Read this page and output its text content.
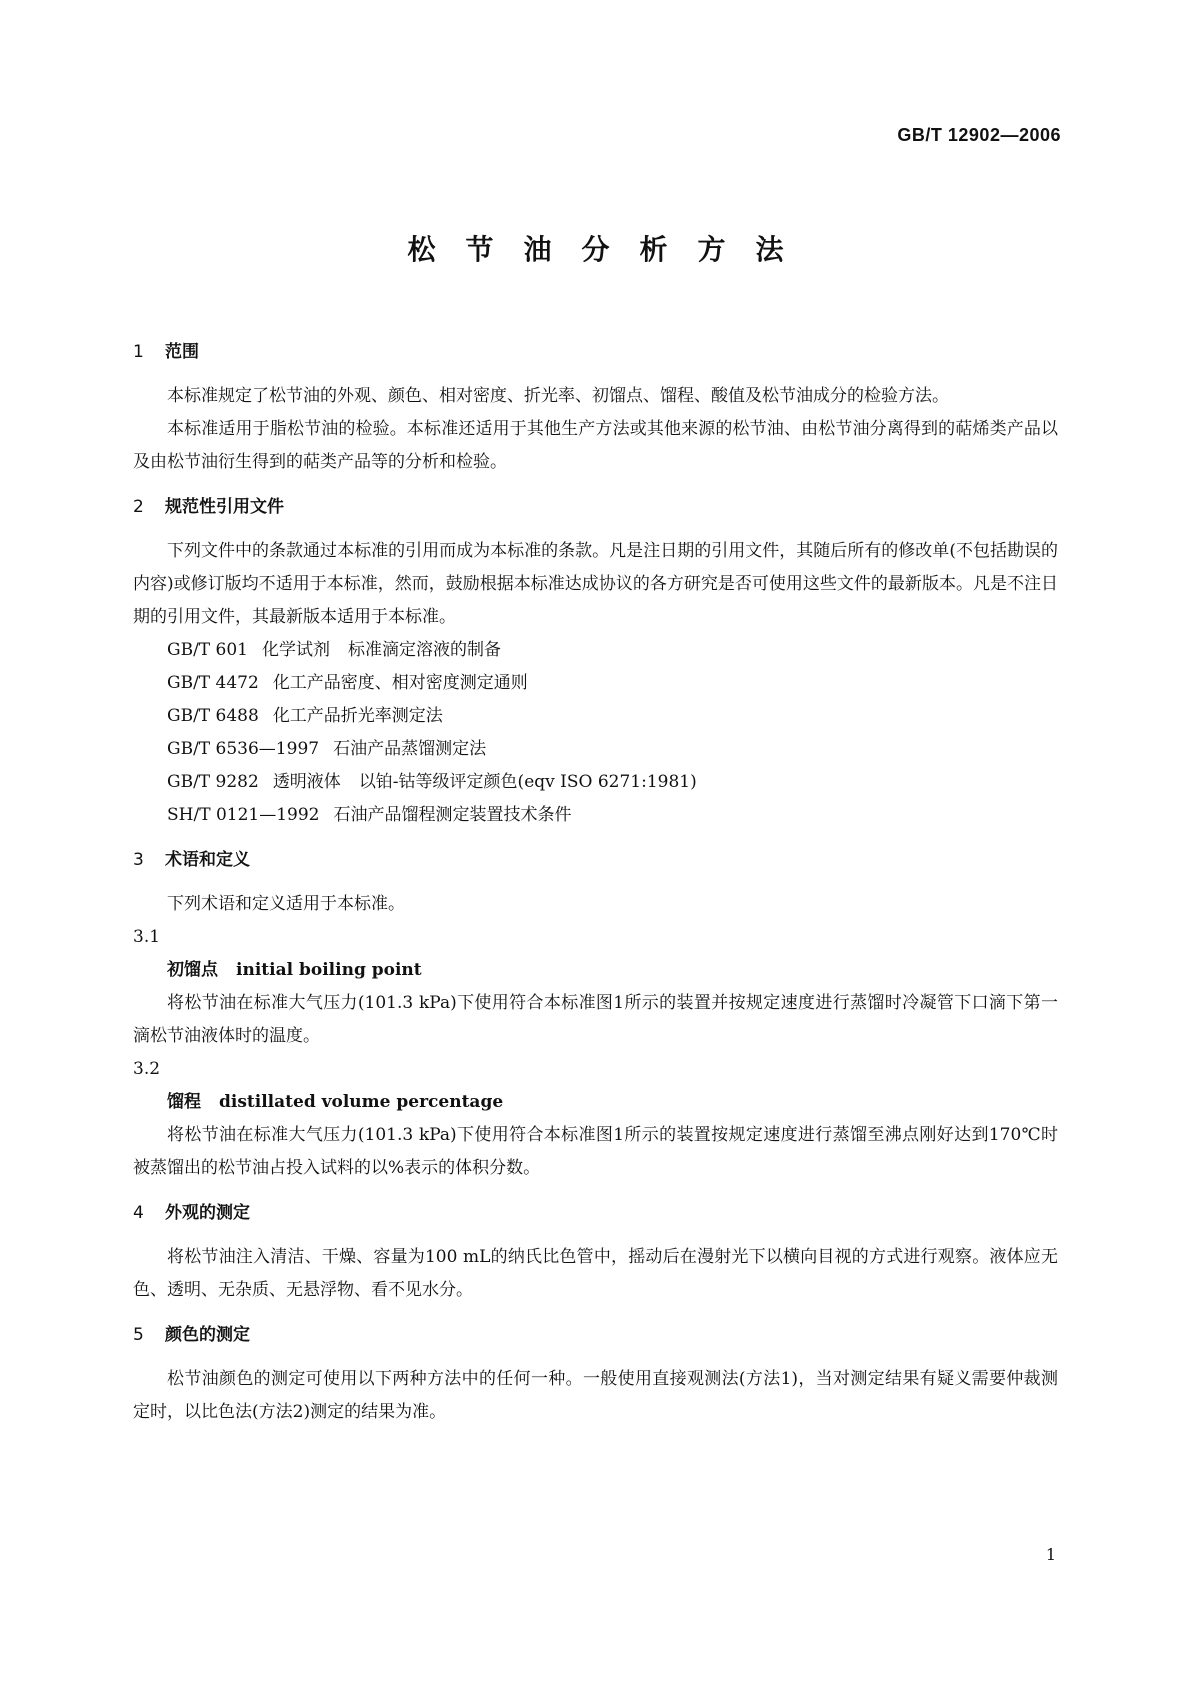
GB/T 12902—2006
松节油分析方法
1 范围

本标准规定了松节油的外观、颜色、相对密度、折光率、初馏点、馏程、酸值及松节油成分的检验方法。

本标准适用于脂松节油的检验。本标准还适用于其他生产方法或其他来源的松节油、由松节油分离得到的萜烯类产品以及由松节油衍生得到的萜类产品等的分析和检验。

2 规范性引用文件

下列文件中的条款通过本标准的引用而成为本标准的条款。凡是注日期的引用文件，其随后所有的修改单(不包括勘误的内容)或修订版均不适用于本标准，然而，鼓励根据本标准达成协议的各方研究是否可使用这些文件的最新版本。凡是不注日期的引用文件，其最新版本适用于本标准。

GB/T 601 化学试剂 标准滴定溶液的制备
GB/T 4472 化工产品密度、相对密度测定通则
GB/T 6488 化工产品折光率测定法
GB/T 6536—1997 石油产品蒸馏测定法
GB/T 9282 透明液体 以铂-钴等级评定颜色(eqv ISO 6271:1981)
SH/T 0121—1992 石油产品馏程测定装置技术条件
3 术语和定义

下列术语和定义适用于本标准。

3.1
初馏点 initial boiling point

将松节油在标准大气压力(101.3 kPa)下使用符合本标准图1所示的装置并按规定速度进行蒸馏时冷凝管下口滴下第一滴松节油液体时的温度。

3.2
馏程 distillated volume percentage

将松节油在标准大气压力(101.3 kPa)下使用符合本标准图1所示的装置按规定速度进行蒸馏至沸点刚好达到170℃时被蒸馏出的松节油占投入试料的以%表示的体积分数。

4 外观的测定

将松节油注入清洁、干燥、容量为100 mL的纳氏比色管中，摇动后在漫射光下以横向目视的方式进行观察。液体应无色、透明、无杂质、无悬浮物、看不见水分。

5 颜色的测定

松节油颜色的测定可使用以下两种方法中的任何一种。一般使用直接观测法(方法1)，当对测定结果有疑义需要仲裁测定时，以比色法(方法2)测定的结果为准。

1
